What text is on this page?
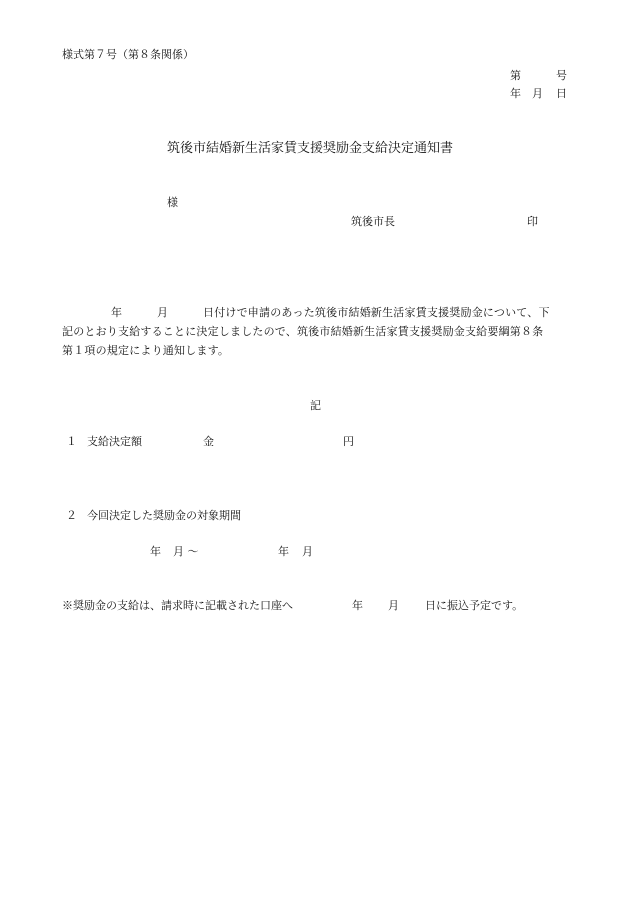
様式第７号（第８条関係）
第	号
年 月 日
筑後市結婚新生活家賃支援奨励金支給決定通知書
様
筑後市長	印
年	月	日付けで申請のあった筑後市結婚新生活家賃支援奨励金について、下
記のとおり支給することに決定しましたので、筑後市結婚新生活家賃支援奨励金支給要綱第８条
第１項の規定により通知します。
記
１ 支給決定額	金	円
２ 今回決定した奨励金の対象期間
年 月 ～	年 月
※奨励金の支給は、請求時に記載された口座へ	年 月 日に振込予定です。
